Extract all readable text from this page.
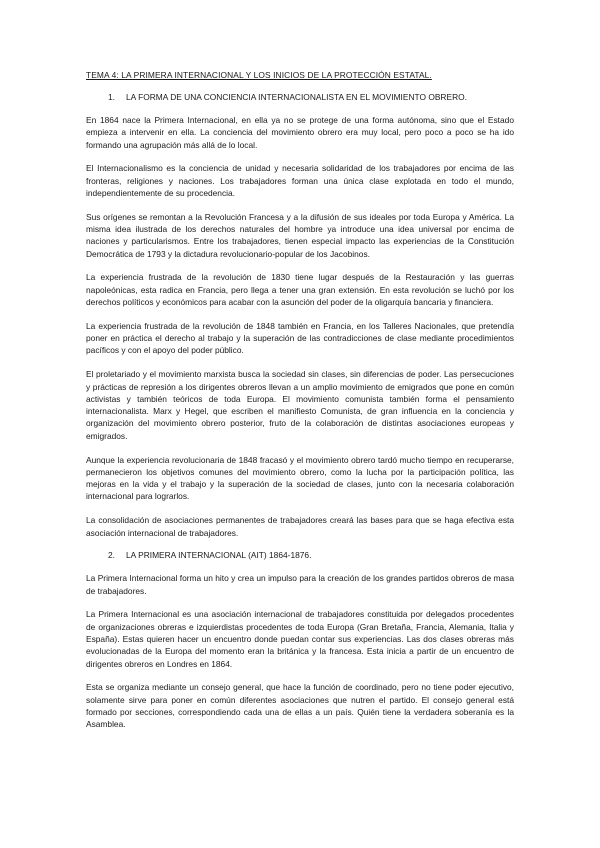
TEMA 4: LA PRIMERA INTERNACIONAL Y LOS INICIOS DE LA PROTECCIÓN ESTATAL.
1.	LA FORMA DE UNA CONCIENCIA INTERNACIONALISTA EN EL MOVIMIENTO OBRERO.

En 1864 nace la Primera Internacional, en ella ya no se protege de una forma autónoma, sino que el Estado empieza a intervenir en ella. La conciencia del movimiento obrero era muy local, pero poco a poco se ha ido formando una agrupación más allá de lo local.

El Internacionalismo es la conciencia de unidad y necesaria solidaridad de los trabajadores por encima de las fronteras, religiones y naciones. Los trabajadores forman una única clase explotada en todo el mundo, independientemente de su procedencia.

Sus orígenes se remontan a la Revolución Francesa y a la difusión de sus ideales por toda Europa y América. La misma idea ilustrada de los derechos naturales del hombre ya introduce una idea universal por encima de naciones y particularismos. Entre los trabajadores, tienen especial impacto las experiencias de la Constitución Democrática de 1793 y la dictadura revolucionario-popular de los Jacobinos.

La experiencia frustrada de la revolución de 1830 tiene lugar después de la Restauración y las guerras napoleónicas, esta radica en Francia, pero llega a tener una gran extensión. En esta revolución se luchó por los derechos políticos y económicos para acabar con la asunción del poder de la oligarquía bancaria y financiera.

La experiencia frustrada de la revolución de 1848 también en Francia, en los Talleres Nacionales, que pretendía poner en práctica el derecho al trabajo y la superación de las contradicciones de clase mediante procedimientos pacíficos y con el apoyo del poder público.

El proletariado y el movimiento marxista busca la sociedad sin clases, sin diferencias de poder. Las persecuciones y prácticas de represión a los dirigentes obreros llevan a un amplio movimiento de emigrados que pone en común activistas y también teóricos de toda Europa. El movimiento comunista también forma el pensamiento internacionalista. Marx y Hegel, que escriben el manifiesto Comunista, de gran influencia en la conciencia y organización del movimiento obrero posterior, fruto de la colaboración de distintas asociaciones europeas y emigrados.

Aunque la experiencia revolucionaria de 1848 fracasó y el movimiento obrero tardó mucho tiempo en recuperarse, permanecieron los objetivos comunes del movimiento obrero, como la lucha por la participación política, las mejoras en la vida y el trabajo y la superación de la sociedad de clases, junto con la necesaria colaboración internacional para lograrlos.

La consolidación de asociaciones permanentes de trabajadores creará las bases para que se haga efectiva esta asociación internacional de trabajadores.

2.	LA PRIMERA INTERNACIONAL (AIT) 1864-1876.

La Primera Internacional forma un hito y crea un impulso para la creación de los grandes partidos obreros de masa de trabajadores.

La Primera Internacional es una asociación internacional de trabajadores constituida por delegados procedentes de organizaciones obreras e izquierdistas procedentes de toda Europa (Gran Bretaña, Francia, Alemania, Italia y España). Estas quieren hacer un encuentro donde puedan contar sus experiencias. Las dos clases obreras más evolucionadas de la Europa del momento eran la británica y la francesa. Esta inicia a partir de un encuentro de dirigentes obreros en Londres en 1864.

Esta se organiza mediante un consejo general, que hace la función de coordinado, pero no tiene poder ejecutivo, solamente sirve para poner en común diferentes asociaciones que nutren el partido. El consejo general está formado por secciones, correspondiendo cada una de ellas a un país. Quién tiene la verdadera soberanía es la Asamblea.
